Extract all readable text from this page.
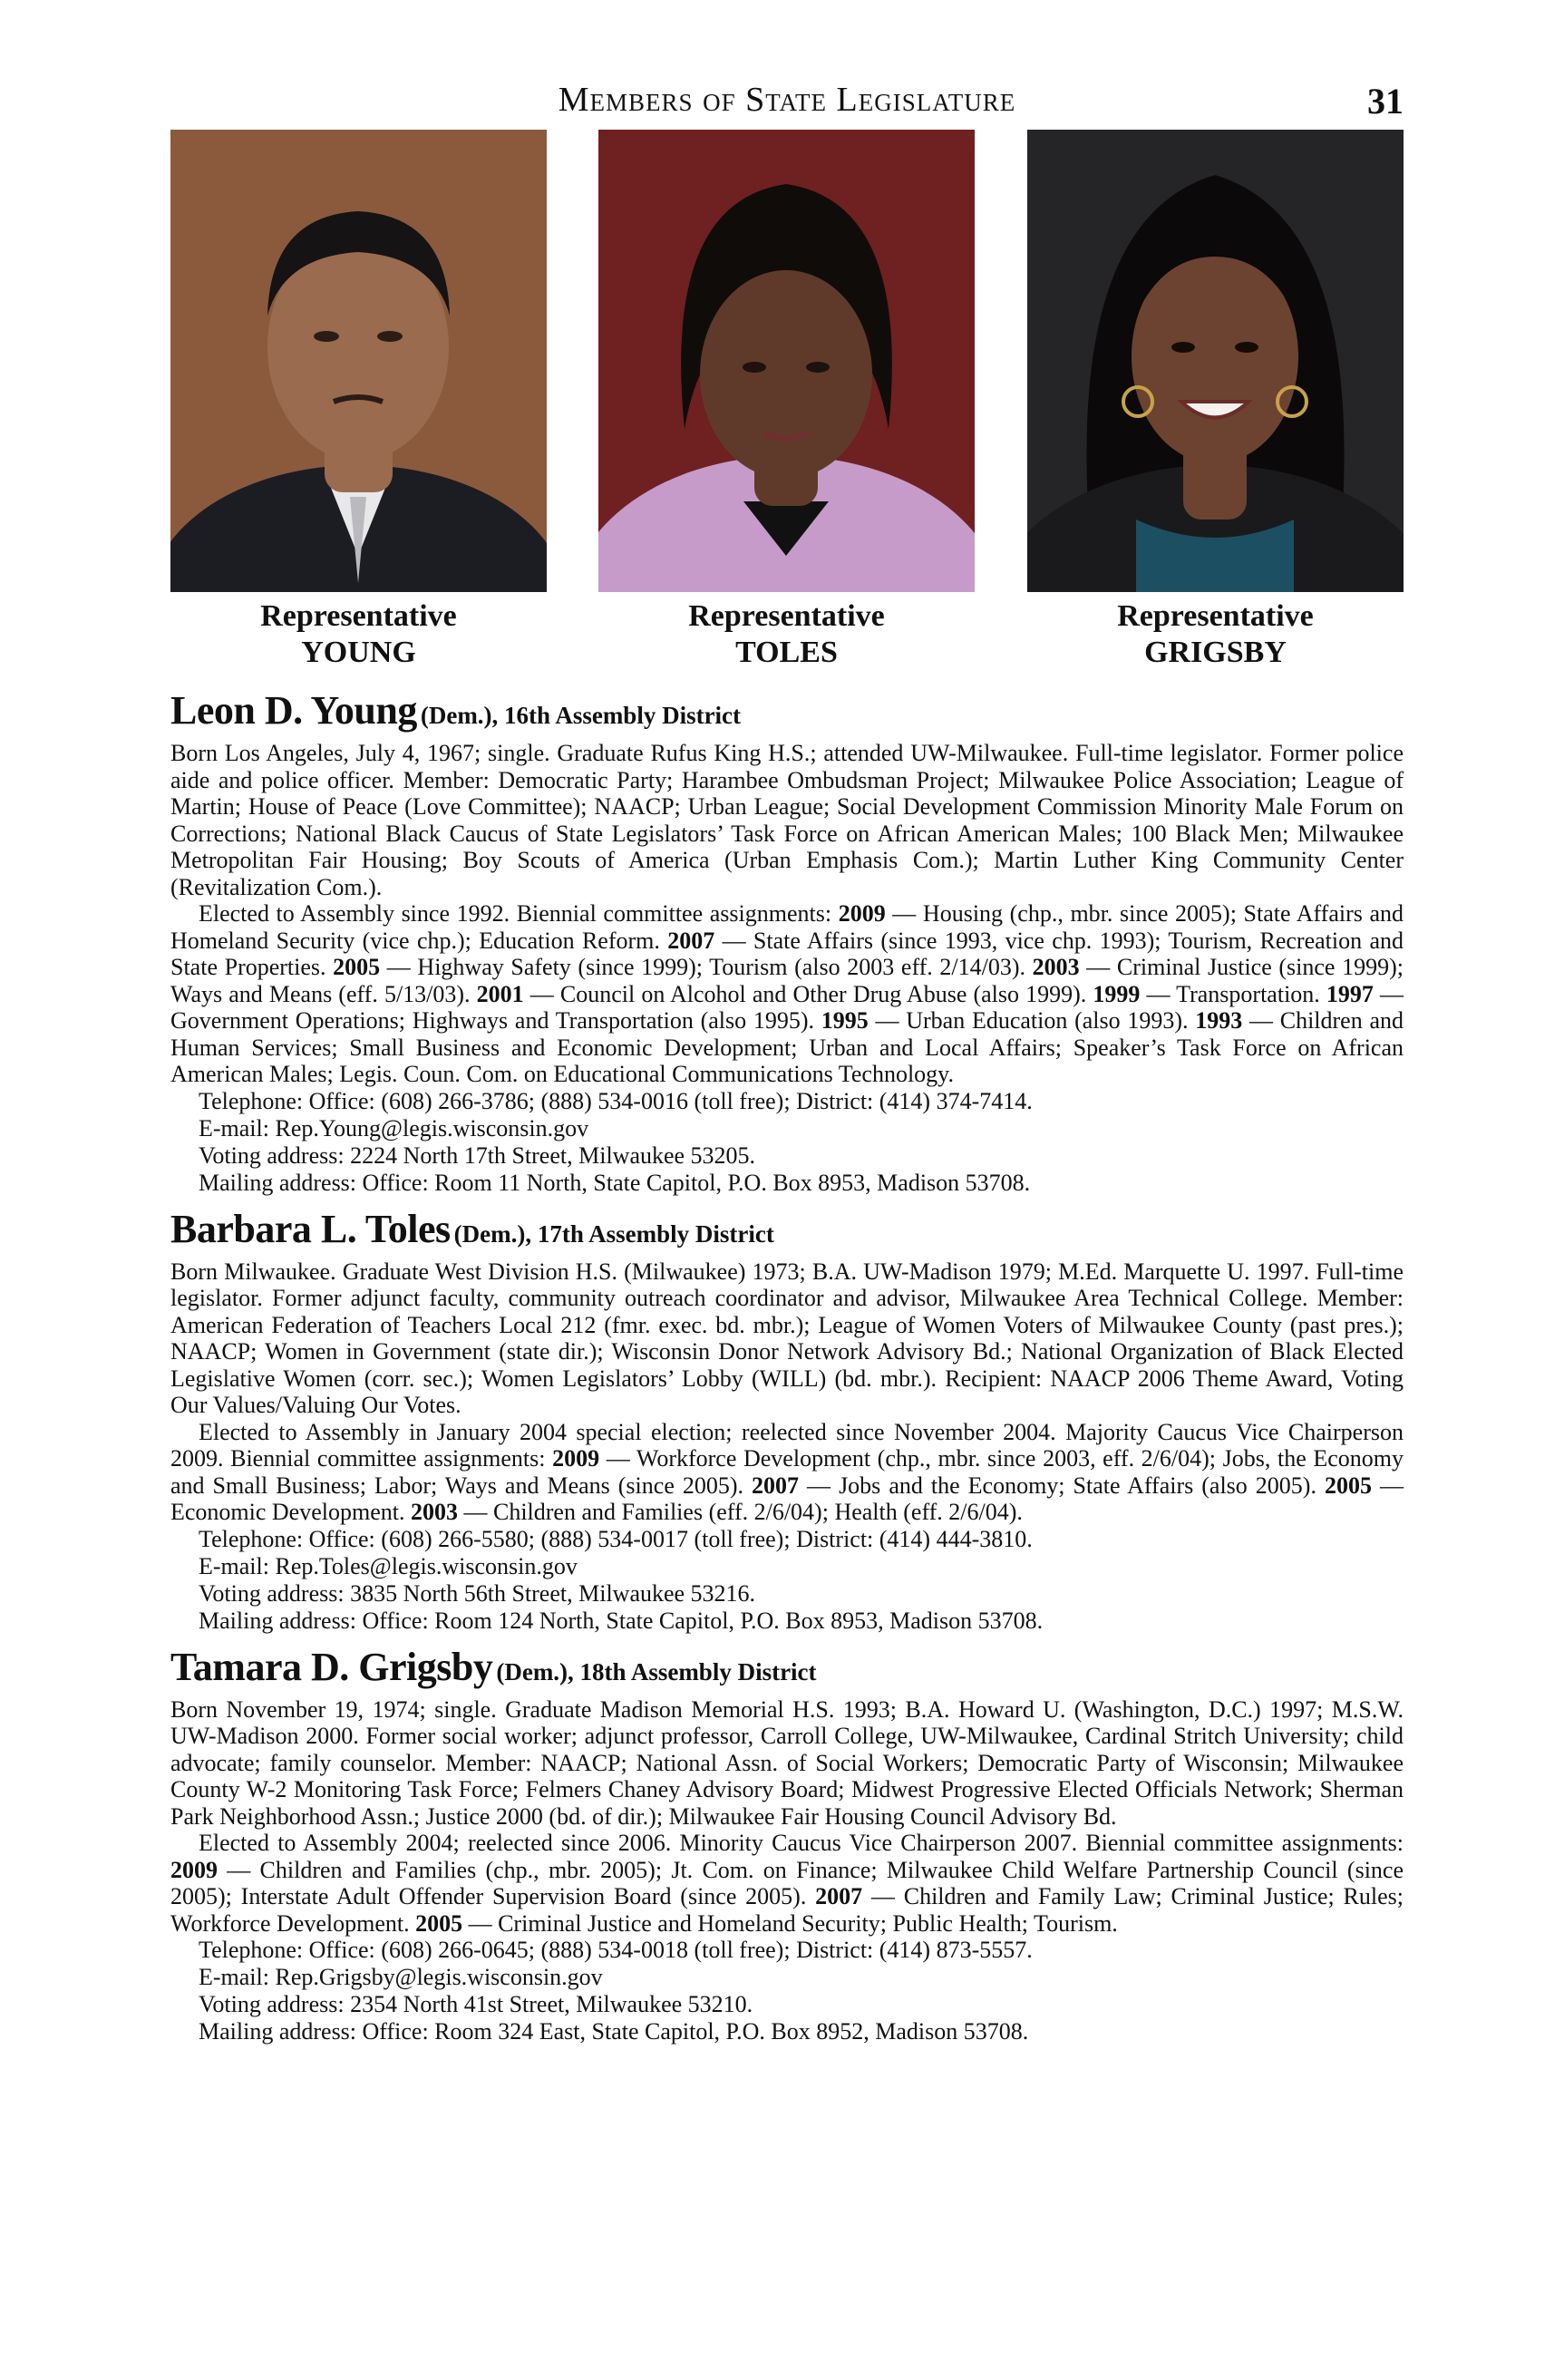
Members of State Legislature	31
Representative
YOUNG
Representative
TOLES
Representative
GRIGSBY
Leon D. Young (Dem.), 16th Assembly District

Born Los Angeles, July 4, 1967; single. Graduate Rufus King H.S.; attended UW-Milwaukee. Full-time legislator. Former police aide and police officer. Member: Democratic Party; Harambee Ombudsman Project; Milwaukee Police Association; League of Martin; House of Peace (Love Committee); NAACP; Urban League; Social Development Commission Minority Male Forum on Corrections; National Black Caucus of State Legislators’ Task Force on African American Males; 100 Black Men; Milwaukee Metropolitan Fair Housing; Boy Scouts of America (Urban Emphasis Com.); Martin Luther King Community Center (Revitalization Com.).

Elected to Assembly since 1992. Biennial committee assignments: 2009 — Housing (chp., mbr. since 2005); State Affairs and Homeland Security (vice chp.); Education Reform. 2007 — State Affairs (since 1993, vice chp. 1993); Tourism, Recreation and State Properties. 2005 — Highway Safety (since 1999); Tourism (also 2003 eff. 2/14/03). 2003 — Criminal Justice (since 1999); Ways and Means (eff. 5/13/03). 2001 — Council on Alcohol and Other Drug Abuse (also 1999). 1999 — Transportation. 1997 — Government Operations; Highways and Transportation (also 1995). 1995 — Urban Education (also 1993). 1993 — Children and Human Services; Small Business and Economic Development; Urban and Local Affairs; Speaker’s Task Force on African American Males; Legis. Coun. Com. on Educational Communications Technology.

Telephone: Office: (608) 266-3786; (888) 534-0016 (toll free); District: (414) 374-7414.

E-mail: Rep.Young@legis.wisconsin.gov

Voting address: 2224 North 17th Street, Milwaukee 53205.

Mailing address: Office: Room 11 North, State Capitol, P.O. Box 8953, Madison 53708.

Barbara L. Toles (Dem.), 17th Assembly District

Born Milwaukee. Graduate West Division H.S. (Milwaukee) 1973; B.A. UW-Madison 1979; M.Ed. Marquette U. 1997. Full-time legislator. Former adjunct faculty, community outreach coordinator and advisor, Milwaukee Area Technical College. Member: American Federation of Teachers Local 212 (fmr. exec. bd. mbr.); League of Women Voters of Milwaukee County (past pres.); NAACP; Women in Government (state dir.); Wisconsin Donor Network Advisory Bd.; National Organization of Black Elected Legislative Women (corr. sec.); Women Legislators’ Lobby (WILL) (bd. mbr.). Recipient: NAACP 2006 Theme Award, Voting Our Values/Valuing Our Votes.

Elected to Assembly in January 2004 special election; reelected since November 2004. Majority Caucus Vice Chairperson 2009. Biennial committee assignments: 2009 — Workforce Development (chp., mbr. since 2003, eff. 2/6/04); Jobs, the Economy and Small Business; Labor; Ways and Means (since 2005). 2007 — Jobs and the Economy; State Affairs (also 2005). 2005 — Economic Development. 2003 — Children and Families (eff. 2/6/04); Health (eff. 2/6/04).

Telephone: Office: (608) 266-5580; (888) 534-0017 (toll free); District: (414) 444-3810.

E-mail: Rep.Toles@legis.wisconsin.gov

Voting address: 3835 North 56th Street, Milwaukee 53216.

Mailing address: Office: Room 124 North, State Capitol, P.O. Box 8953, Madison 53708.

Tamara D. Grigsby (Dem.), 18th Assembly District

Born November 19, 1974; single. Graduate Madison Memorial H.S. 1993; B.A. Howard U. (Washington, D.C.) 1997; M.S.W. UW-Madison 2000. Former social worker; adjunct professor, Carroll College, UW-Milwaukee, Cardinal Stritch University; child advocate; family counselor. Member: NAACP; National Assn. of Social Workers; Democratic Party of Wisconsin; Milwaukee County W-2 Monitoring Task Force; Felmers Chaney Advisory Board; Midwest Progressive Elected Officials Network; Sherman Park Neighborhood Assn.; Justice 2000 (bd. of dir.); Milwaukee Fair Housing Council Advisory Bd.

Elected to Assembly 2004; reelected since 2006. Minority Caucus Vice Chairperson 2007. Biennial committee assignments: 2009 — Children and Families (chp., mbr. 2005); Jt. Com. on Finance; Milwaukee Child Welfare Partnership Council (since 2005); Interstate Adult Offender Supervision Board (since 2005). 2007 — Children and Family Law; Criminal Justice; Rules; Workforce Development. 2005 — Criminal Justice and Homeland Security; Public Health; Tourism.

Telephone: Office: (608) 266-0645; (888) 534-0018 (toll free); District: (414) 873-5557.

E-mail: Rep.Grigsby@legis.wisconsin.gov

Voting address: 2354 North 41st Street, Milwaukee 53210.

Mailing address: Office: Room 324 East, State Capitol, P.O. Box 8952, Madison 53708.
